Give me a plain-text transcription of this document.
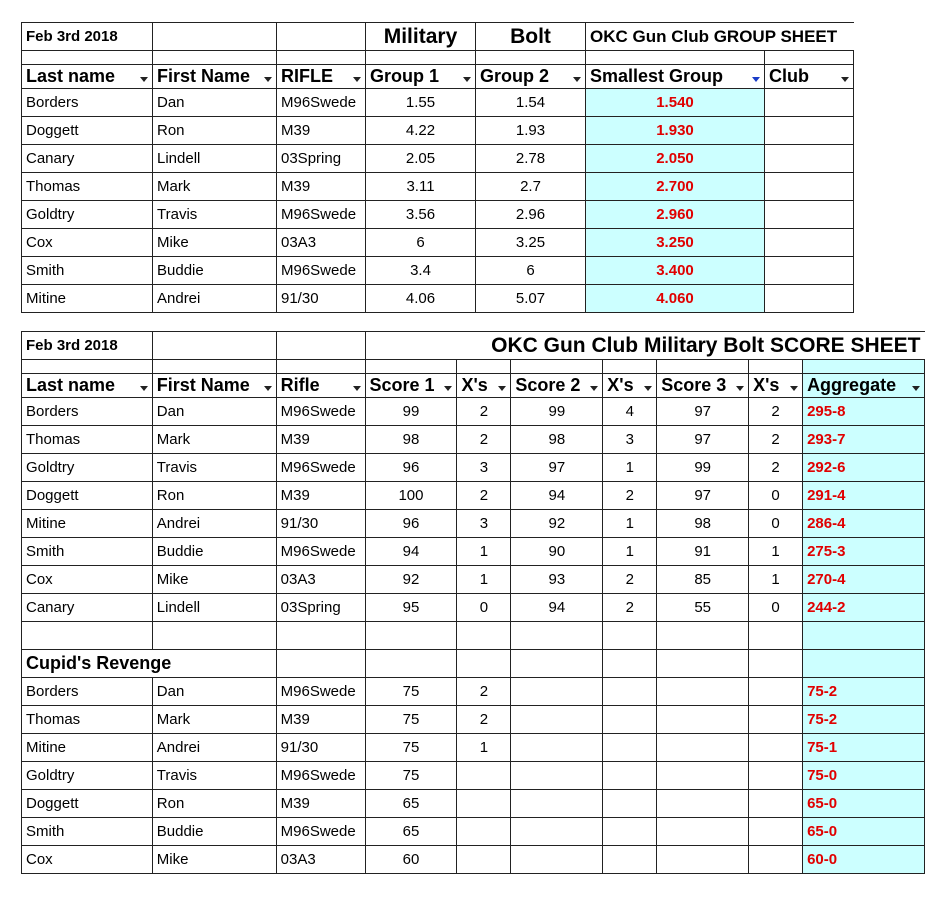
Feb 3rd 2018			Military	Bolt	OKC Gun Club GROUP SHEET	

Last name	First Name	RIFLE	Group 1	Group 2	Smallest Group	Club

Borders	Dan	M96Swede	1.55	1.54	1.540	
Doggett	Ron	M39	4.22	1.93	1.930	
Canary	Lindell	03Spring	2.05	2.78	2.050	
Thomas	Mark	M39	3.11	2.7	2.700	
Goldtry	Travis	M96Swede	3.56	2.96	2.960	
Cox	Mike	03A3	6	3.25	3.250	
Smith	Buddie	M96Swede	3.4	6	3.400	
Mitine	Andrei	91/30	4.06	5.07	4.060	
Feb 3rd 2018			OKC Gun Club Military Bolt SCORE SHEET						

Last name	First Name	Rifle	Score 1	X's	Score 2	X's	Score 3	X's	Aggregate

Borders	Dan	M96Swede	99	2	99	4	97	2	295-8
Thomas	Mark	M39	98	2	98	3	97	2	293-7
Goldtry	Travis	M96Swede	96	3	97	1	99	2	292-6
Doggett	Ron	M39	100	2	94	2	97	0	291-4
Mitine	Andrei	91/30	96	3	92	1	98	0	286-4
Smith	Buddie	M96Swede	94	1	90	1	91	1	275-3
Cox	Mike	03A3	92	1	93	2	85	1	270-4
Canary	Lindell	03Spring	95	0	94	2	55	0	244-2

Cupid's Revenge									
Borders	Dan	M96Swede	75	2					75-2
Thomas	Mark	M39	75	2					75-2
Mitine	Andrei	91/30	75	1					75-1
Goldtry	Travis	M96Swede	75						75-0
Doggett	Ron	M39	65						65-0
Smith	Buddie	M96Swede	65						65-0
Cox	Mike	03A3	60						60-0
